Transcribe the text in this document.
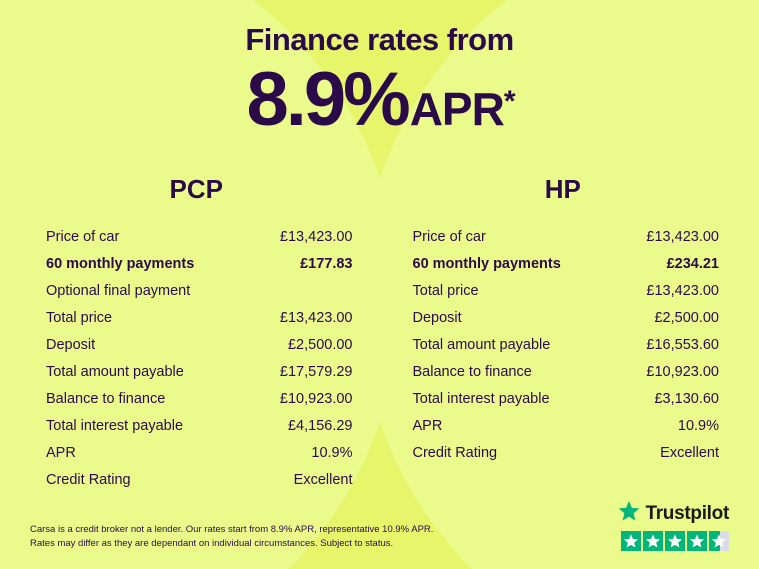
Finance rates from
8.9% APR *
PCP
Price of car	£13,423.00
60 monthly payments	£177.83
Optional final payment
Total price	£13,423.00
Deposit	£2,500.00
Total amount payable	£17,579.29
Balance to finance	£10,923.00
Total interest payable	£4,156.29
APR	10.9%
Credit Rating	Excellent
HP
Price of car	£13,423.00
60 monthly payments	£234.21
Total price	£13,423.00
Deposit	£2,500.00
Total amount payable	£16,553.60
Balance to finance	£10,923.00
Total interest payable	£3,130.60
APR	10.9%
Credit Rating	Excellent
Carsa is a credit broker not a lender. Our rates start from 8.9% APR, representative 10.9% APR.
Rates may differ as they are dependant on individual circumstances. Subject to status.
Trustpilot
